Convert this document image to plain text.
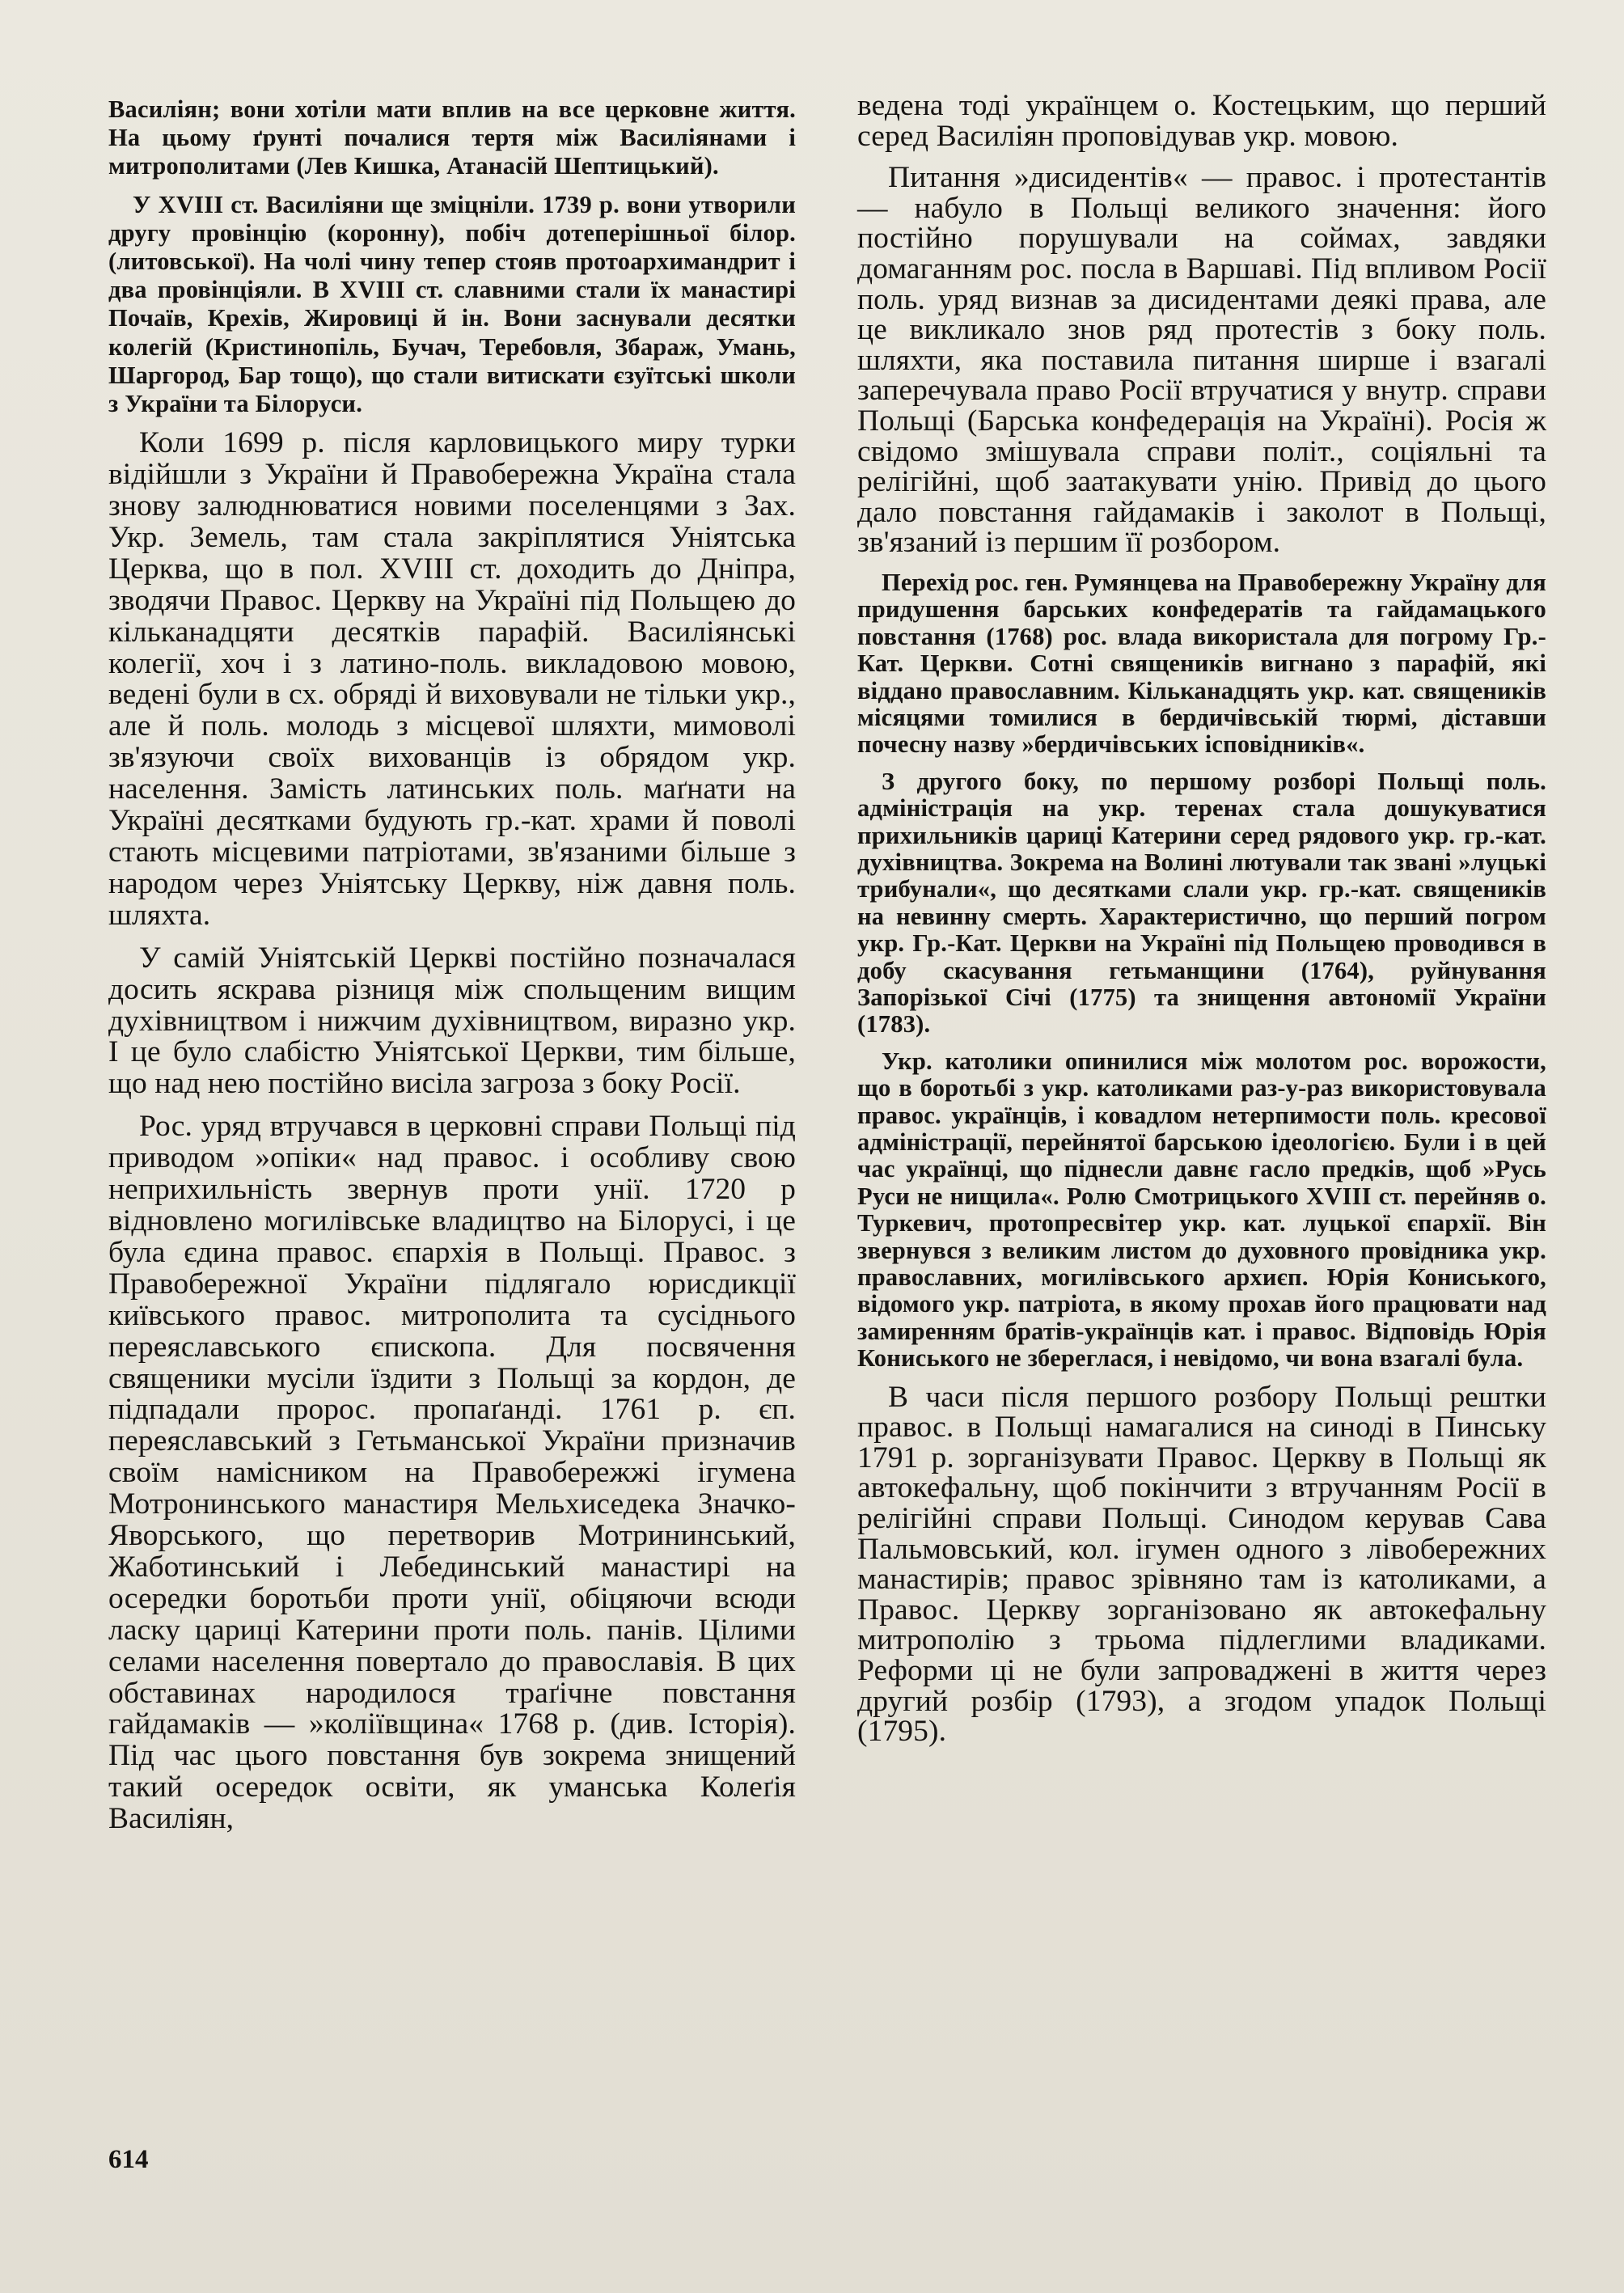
Василіян; вони хотіли мати вплив на все церковне життя. На цьому ґрунті почалися тертя між Василіянами і митрополитами (Лев Кишка, Атанасій Шептицький).

У XVIII ст. Василіяни ще зміцніли. 1739 р. вони утворили другу провінцію (коронну), побіч дотеперішньої білор. (литовської). На чолі чину тепер стояв протоархимандрит і два провінціяли. В XVIII ст. славними стали їх манастирі Почаїв, Крехів, Жировиці й ін. Вони заснували десятки колегій (Кристинопіль, Бучач, Теребовля, Збараж, Умань, Шаргород, Бар тощо), що стали витискати єзуїтські школи з України та Білоруси.

Коли 1699 р. після карловицького миру турки відійшли з України й Правобережна Україна стала знову залюднюватися новими поселенцями з Зах. Укр. Земель, там стала закріплятися Уніятська Церква, що в пол. XVIII ст. доходить до Дніпра, зводячи Правос. Церкву на Україні під Польщею до кільканадцяти десятків парафій. Василіянські колегії, хоч і з латино-поль. викладовою мовою, ведені були в сх. обряді й виховували не тільки укр., але й поль. молодь з місцевої шляхти, мимоволі зв'язуючи своїх вихованців із обрядом укр. населення. Замість латинських поль. маґнати на Україні десятками будують гр.-кат. храми й поволі стають місцевими патріотами, зв'язаними більше з народом через Уніятську Церкву, ніж давня поль. шляхта.

У самій Уніятській Церкві постійно позначалася досить яскрава різниця між спольщеним вищим духівництвом і нижчим духівництвом, виразно укр. І це було слабістю Уніятської Церкви, тим більше, що над нею постійно висіла загроза з боку Росії.

Рос. уряд втручався в церковні справи Польщі під приводом »опіки« над правос. і особливу свою неприхильність звернув проти унії. 1720 р відновлено могилівське владицтво на Білорусі, і це була єдина правос. єпархія в Польщі. Правос. з Правобережної України підлягало юрисдикції київського правос. митрополита та сусіднього переяславського єпископа. Для посвячення священики мусіли їздити з Польщі за кордон, де підпадали пророс. пропаґанді. 1761 р. єп. переяславський з Гетьманської України призначив своїм намісником на Правобережжі ігумена Мотронинського манастиря Мельхиседека Значко-Яворського, що перетворив Мотрининський, Жаботинський і Лебединський манастирі на осередки боротьби проти унії, обіцяючи всюди ласку цариці Катерини проти поль. панів. Цілими селами населення повертало до православія. В цих обставинах народилося траґічне повстання гайдамаків — »коліївщина« 1768 р. (див. Історія). Під час цього повстання був зокрема знищений такий осередок освіти, як уманська Колеґія Василіян,

ведена тоді українцем о. Костецьким, що перший серед Василіян проповідував укр. мовою.

Питання »дисидентів« — правос. і протестантів — набуло в Польщі великого значення: його постійно порушували на соймах, завдяки домаганням рос. посла в Варшаві. Під впливом Росії поль. уряд визнав за дисидентами деякі права, але це викликало знов ряд протестів з боку поль. шляхти, яка поставила питання ширше і взагалі заперечувала право Росії втручатися у внутр. справи Польщі (Барська конфедерація на Україні). Росія ж свідомо змішувала справи політ., соціяльні та релігійні, щоб заатакувати унію. Привід до цього дало повстання гайдамаків і заколот в Польщі, зв'язаний із першим її розбором.

Перехід рос. ген. Румянцева на Правобережну Україну для придушення барських конфедератів та гайдамацького повстання (1768) рос. влада використала для погрому Гр.-Кат. Церкви. Сотні священиків вигнано з парафій, які віддано православним. Кільканадцять укр. кат. священиків місяцями томилися в бердичівській тюрмі, діставши почесну назву »бердичівських ісповідників«.

З другого боку, по першому розборі Польщі поль. адміністрація на укр. теренах стала дошукуватися прихильників цариці Катерини серед рядового укр. гр.-кат. духівництва. Зокрема на Волині лютували так звані »луцькі трибунали«, що десятками слали укр. гр.-кат. священиків на невинну смерть. Характеристично, що перший погром укр. Гр.-Кат. Церкви на Україні під Польщею проводився в добу скасування гетьманщини (1764), руйнування Запорізької Січі (1775) та знищення автономії України (1783).

Укр. католики опинилися між молотом рос. ворожости, що в боротьбі з укр. католиками раз-у-раз використовувала правос. українців, і ковадлом нетерпимости поль. кресової адміністрації, перейнятої барською ідеологією. Були і в цей час українці, що піднесли давнє гасло предків, щоб »Русь Руси не нищила«. Ролю Смотрицького XVIII ст. перейняв о. Туркевич, протопресвітер укр. кат. луцької єпархії. Він звернувся з великим листом до духовного провідника укр. православних, могилівського архиєп. Юрія Кониського, відомого укр. патріота, в якому прохав його працювати над замиренням братів-українців кат. і правос. Відповідь Юрія Кониського не збереглася, і невідомо, чи вона взагалі була.

В часи після першого розбору Польщі рештки правос. в Польщі намагалися на синоді в Пинську 1791 р. зорганізувати Правос. Церкву в Польщі як автокефальну, щоб покінчити з втручанням Росії в релігійні справи Польщі. Синодом керував Сава Пальмовський, кол. ігумен одного з лівобережних манастирів; правос зрівняно там із католиками, а Правос. Церкву зорганізовано як автокефальну митрополію з трьома підлеглими владиками. Реформи ці не були запроваджені в життя через другий розбір (1793), а згодом упадок Польщі (1795).

614
